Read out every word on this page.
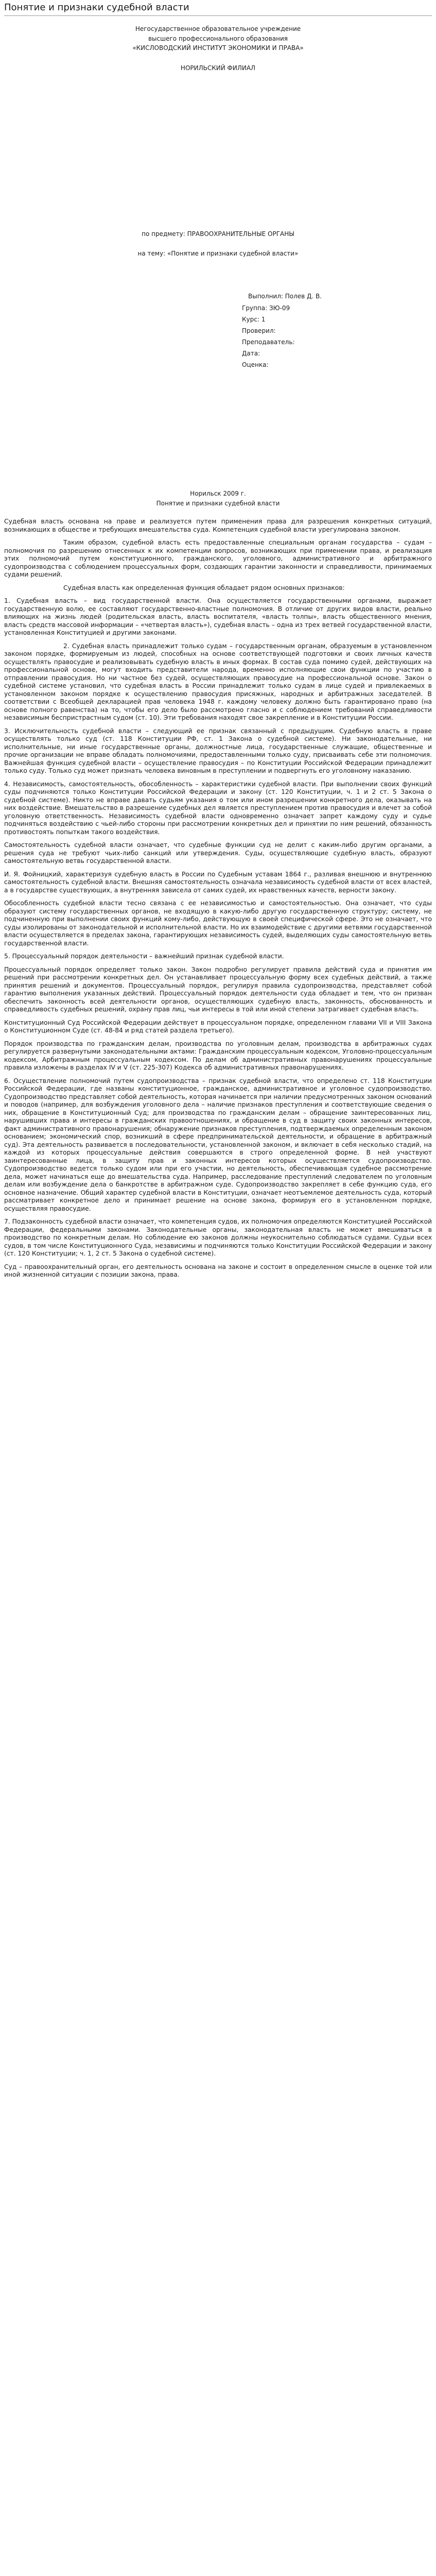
Понятие и признаки судебной власти
Негосударственное образовательное учреждение
высшего профессионального образования
«КИСЛОВОДСКИЙ ИНСТИТУТ ЭКОНОМИКИ И ПРАВА»
НОРИЛЬСКИЙ ФИЛИАЛ
по предмету: ПРАВООХРАНИТЕЛЬНЫЕ ОРГАНЫ
на тему: «Понятие и признаки судебной власти»
Выполнил: Полев Д. В.
Группа: ЗЮ-09
Курс: 1
Проверил:
Преподаватель:
Дата:
Оценка:
Норильск 2009 г.
Понятие и признаки судебной власти

Судебная власть основана на праве и реализуется путем применения права для разрешения конкретных ситуаций, возникающих в обществе и требующих вмешательства суда. Компетенция судебной власти урегулирована законом.

Таким образом, судебной власть есть предоставленные специальным органам государства – судам – полномочия по разрешению отнесенных к их компетенции вопросов, возникающих при применении права, и реализация этих полномочий путем конституционного, гражданского, уголовного, административного и арбитражного судопроизводства с соблюдением процессуальных форм, создающих гарантии законности и справедливости, принимаемых судами решений.

Судебная власть как определенная функция обладает рядом основных признаков:

1. Судебная власть – вид государственной власти. Она осуществляется государственными органами, выражает государственную волю, ее составляют государственно-властные полномочия. В отличие от других видов власти, реально влияющих на жизнь людей (родительская власть, власть воспитателя, «власть толпы», власть общественного мнения, власть средств массовой информации – «четвертая власть»), судебная власть – одна из трех ветвей государственной власти, установленная Конституцией и другими законами.

2. Судебная власть принадлежит только судам – государственным органам, образуемым в установленном законом порядке, формируемым из людей, способных на основе соответствующей подготовки и своих личных качеств осуществлять правосудие и реализовывать судебную власть в иных формах. В состав суда помимо судей, действующих на профессиональной основе, могут входить представители народа, временно исполняющие свои функции по участию в отправлении правосудия. Но ни частное без судей, осуществляющих правосудие на профессиональной основе. Закон о судебной системе установил, что судебная власть в России принадлежит только судам в лице судей и привлекаемых в установленном законом порядке к осуществлению правосудия присяжных, народных и арбитражных заседателей. В соответствии с Всеобщей декларацией прав человека 1948 г. каждому человеку должно быть гарантировано право (на основе полного равенства) на то, чтобы его дело было рассмотрено гласно и с соблюдением требований справедливости независимым беспристрастным судом (ст. 10). Эти требования находят свое закрепление и в Конституции России.

3. Исключительность судебной власти – следующий ее признак связанный с предыдущим. Судебную власть в праве осуществлять только суд (ст. 118 Конституции РФ, ст. 1 Закона о судебной системе). Ни законодательные, ни исполнительные, ни иные государственные органы, должностные лица, государственные служащие, общественные и прочие организации не вправе обладать полномочиями, предоставленными только суду, присваивать себе эти полномочия. Важнейшая функция судебной власти – осуществление правосудия – по Конституции Российской Федерации принадлежит только суду. Только суд может признать человека виновным в преступлении и подвергнуть его уголовному наказанию.

4. Независимость, самостоятельность, обособленность – характеристики судебной власти. При выполнении своих функций суды подчиняются только Конституции Российской Федерации и закону (ст. 120 Конституции, ч. 1 и 2 ст. 5 Закона о судебной системе). Никто не вправе давать судьям указания о том или ином разрешении конкретного дела, оказывать на них воздействие. Вмешательство в разрешение судебных дел является преступлением против правосудия и влечет за собой уголовную ответственность. Независимость судебной власти одновременно означает запрет каждому суду и судье подчиняться воздействию с чьей-либо стороны при рассмотрении конкретных дел и принятии по ним решений, обязанность противостоять попыткам такого воздействия.

Самостоятельность судебной власти означает, что судебные функции суд не делит с каким-либо другим органами, а решения суда не требуют чьих-либо санкций или утверждения. Суды, осуществляющие судебную власть, образуют самостоятельную ветвь государственной власти.

И. Я. Фойницкий, характеризуя судебную власть в России по Судебным уставам 1864 г., разливая внешнюю и внутреннюю самостоятельность судебной власти. Внешняя самостоятельность означала независимость судебной власти от всех властей, а в государстве существующих, а внутренняя зависела от самих судей, их нравственных качеств, верности закону.

Обособленность судебной власти тесно связана с ее независимостью и самостоятельностью. Она означает, что суды образуют систему государственных органов, не входящую в какую-либо другую государственную структуру; систему, не подчиненную при выполнении своих функций кому-либо, действующую в своей специфической сфере. Это не означает, что суды изолированы от законодательной и исполнительной власти. Но их взаимодействие с другими ветвями государственной власти осуществляется в пределах закона, гарантирующих независимость судей, выделяющих суды самостоятельную ветвь государственной власти.

5. Процессуальный порядок деятельности – важнейший признак судебной власти.

Процессуальный порядок определяет только закон. Закон подробно регулирует правила действий суда и принятия им решений при рассмотрении конкретных дел. Он устанавливает процессуальную форму всех судебных действий, а также принятия решений и документов. Процессуальный порядок, регулируя правила судопроизводства, представляет собой гарантию выполнения указанных действий. Процессуальный порядок деятельности суда обладает и тем, что он призван обеспечить законность всей деятельности органов, осуществляющих судебную власть, законность, обоснованность и справедливость судебных решений, охрану прав лиц, чьи интересы в той или иной степени затрагивает судебная власть.

Конституционный Суд Российской Федерации действует в процессуальном порядке, определенном главами VII и VIII Закона о Конституционном Суде (ст. 48-84 и ряд статей раздела третьего).

Порядок производства по гражданским делам, производства по уголовным делам, производства в арбитражных судах регулируется развернутыми законодательными актами: Гражданским процессуальным кодексом, Уголовно-процессуальным кодексом, Арбитражным процессуальным кодексом. По делам об административных правонарушениях процессуальные правила изложены в разделах IV и V (ст. 225-307) Кодекса об административных правонарушениях.

6. Осуществление полномочий путем судопроизводства – признак судебной власти, что определено ст. 118 Конституции Российской Федерации, где названы конституционное, гражданское, административное и уголовное судопроизводство. Судопроизводство представляет собой деятельность, которая начинается при наличии предусмотренных законом оснований и поводов (например, для возбуждения уголовного дела – наличие признаков преступления и соответствующие сведения о них, обращение в Конституционный Суд; для производства по гражданским делам – обращение заинтересованных лиц, нарушивших права и интересы в гражданских правоотношениях, и обращение в суд в защиту своих законных интересов, факт административного правонарушения; обнаружение признаков преступления, подтверждаемых определенным законом основанием; экономический спор, возникший в сфере предпринимательской деятельности, и обращение в арбитражный суд). Эта деятельность развивается в последовательности, установленной законом, и включает в себя несколько стадий, на каждой из которых процессуальные действия совершаются в строго определенной форме. В ней участвуют заинтересованные лица, в защиту прав и законных интересов которых осуществляется судопроизводство. Судопроизводство ведется только судом или при его участии, но деятельность, обеспечивающая судебное рассмотрение дела, может начинаться еще до вмешательства суда. Например, расследование преступлений следователем по уголовным делам или возбуждение дела о банкротстве в арбитражном суде. Судопроизводство закрепляет в себе функцию суда, его основное назначение. Общий характер судебной власти в Конституции, означает неотъемлемое деятельность суда, который рассматривает конкретное дело и принимает решение на основе закона, формируя его в установленном порядке, осуществляя правосудие.

7. Подзаконность судебной власти означает, что компетенция судов, их полномочия определяются Конституцией Российской Федерации, федеральными законами. Законодательные органы, законодательная власть не может вмешиваться в производство по конкретным делам. Но соблюдение ею законов должны неукоснительно соблюдаться судами. Судьи всех судов, в том числе Конституционного Суда, независимы и подчиняются только Конституции Российской Федерации и закону (ст. 120 Конституции; ч. 1, 2 ст. 5 Закона о судебной системе).

Суд – правоохранительный орган, его деятельность основана на законе и состоит в определенном смысле в оценке той или иной жизненной ситуации с позиции закона, права.
